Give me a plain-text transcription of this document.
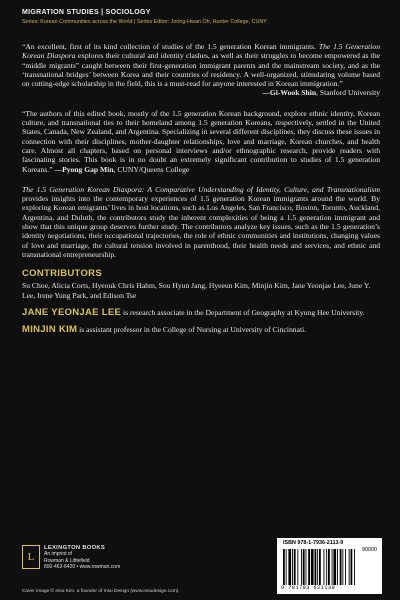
MIGRATION STUDIES | SOCIOLOGY
Series: Korean Communities across the World | Series Editor: Joong-Hwan Oh, Hunter College, CUNY

“An excellent, first of its kind collection of studies of the 1.5 generation Korean immigrants. The 1.5 Generation Korean Diaspora explores their cultural and identity clashes, as well as their struggles to become empowered as the “middle migrants” caught between their first-generation immigrant parents and the mainstream society, and as the ‘transnational bridges’ between Korea and their countries of residency. A well-organized, stimulating volume based on cutting-edge scholarship in the field, this is a must-read for anyone interested in Korean immigration.”

—Gi-Wook Shin, Stanford University

“The authors of this edited book, mostly of the 1.5 generation Korean background, explore ethnic identity, Korean culture, and transnational ties to their homeland among 1.5 generation Koreans, respectively, settled in the United States, Canada, New Zealand, and Argentina. Specializing in several different disciplines, they discuss these issues in connection with their disciplines, mother-daughter relationships, love and marriage, Korean churches, and health care. Almost all chapters, based on personal interviews and/or ethnographic research, provide readers with fascinating stories. This book is in no doubt an extremely significant contribution to studies of 1.5 generation Koreans.” —Pyong Gap Min, CUNY/Queens College

The 1.5 Generation Korean Diaspora: A Comparative Understanding of Identity, Culture, and Transnationalism provides insights into the contemporary experiences of 1.5 generation Korean immigrants around the world. By exploring Korean emigrants’ lives in host locations, such as Los Angeles, San Francisco, Boston, Toronto, Auckland, Argentina, and Duluth, the contributors study the inherent complexities of being a 1.5 generation immigrant and show that this unique group deserves further study. The contributors analyze key issues, such as the 1.5 generation’s identity negotiations, their occupational trajectories, the role of ethnic communities and institutions, changing values of love and marriage, the cultural tension involved in parenthood, their health needs and services, and ethnic and transnational entrepreneurship.

CONTRIBUTORS

Su Choe, Alicia Corts, Hyeouk Chris Hahm, Sou Hyun Jang, Hyeeun Kim, Minjin Kim, Jane Yeonjae Lee, June Y. Lee, Irene Yung Park, and Edison Tse

JANE YEONJAE LEE is research associate in the Department of Geography at Kyung Hee University.

MINJIN KIM is assistant professor in the College of Nursing at University of Cincinnati.

L
LEXINGTON BOOKS
An imprint of
Rowman & Littlefield
800-462-6420 • www.rowman.com
Cover image © Insu Kim, a founder of Insu Design (www.insudesign.com).
ISBN 978-1-7936-2113-9
90000
9 781793 621139
